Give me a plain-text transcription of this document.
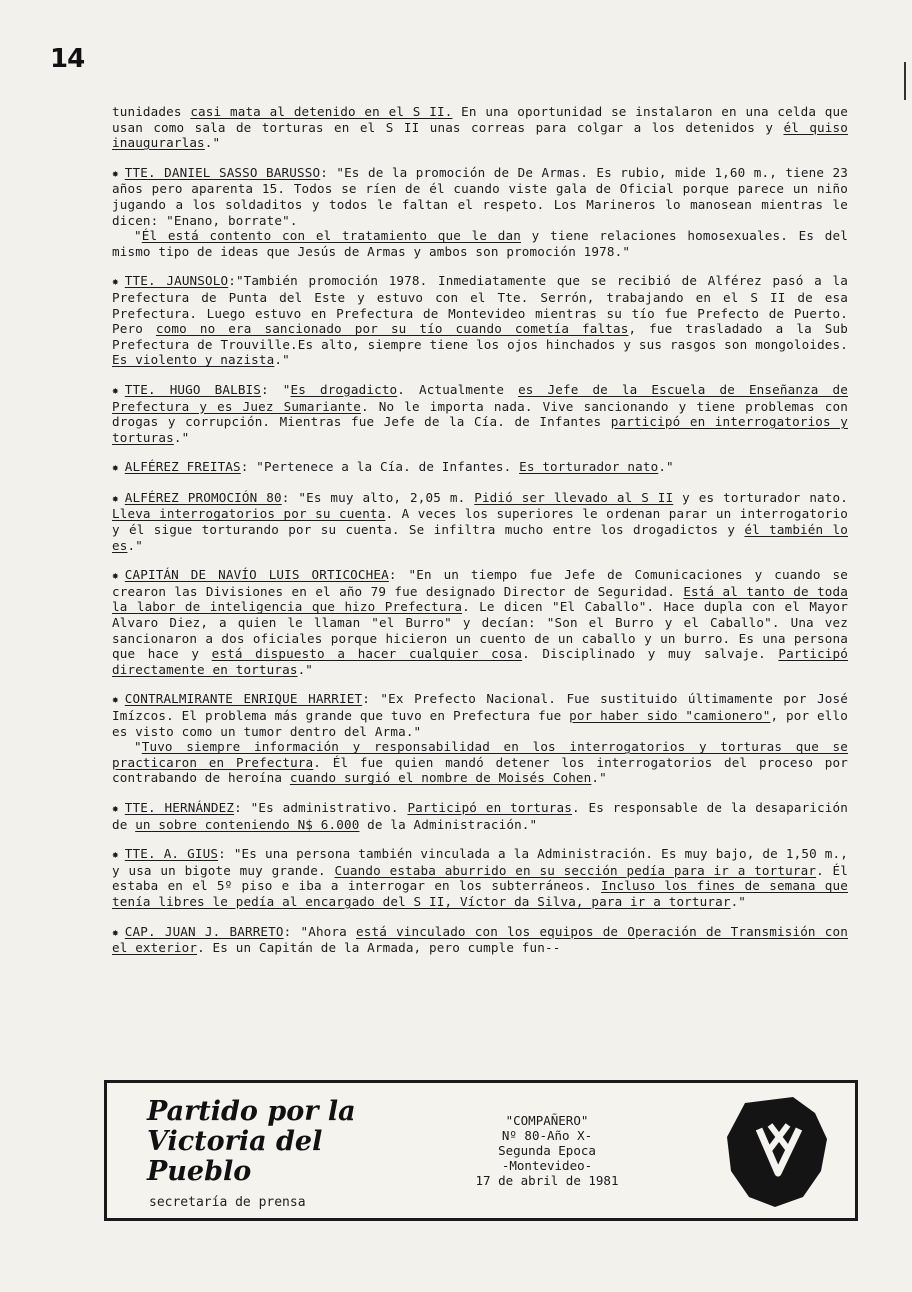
14
tunidades casi mata al detenido en el S II. En una oportunidad se instalaron en una celda que usan como sala de torturas en el S II unas correas para colgar a los detenidos y él quiso inaugurarlas."
✸ TTE. DANIEL SASSO BARUSSO: "Es de la promoción de De Armas. Es rubio, mide 1,60 m., tiene 23 años pero aparenta 15. Todos se ríen de él cuando viste gala de Oficial porque parece un niño jugando a los soldaditos y todos le faltan el respeto. Los Marineros lo manosean mientras le dicen: "Enano, borrate".
"Él está contento con el tratamiento que le dan y tiene relaciones homosexuales. Es del mismo tipo de ideas que Jesús de Armas y ambos son promoción 1978."
✸ TTE. JAUNSOLO:"También promoción 1978. Inmediatamente que se recibió de Alférez pasó a la Prefectura de Punta del Este y estuvo con el Tte. Serrón, trabajando en el S II de esa Prefectura. Luego estuvo en Prefectura de Montevideo mientras su tío fue Prefecto de Puerto. Pero como no era sancionado por su tío cuando cometía faltas, fue trasladado a la Sub Prefectura de Trouville.Es alto, siempre tiene los ojos hinchados y sus rasgos son mongoloides. Es violento y nazista."
✸ TTE. HUGO BALBIS: "Es drogadicto. Actualmente es Jefe de la Escuela de Enseñanza de Prefectura y es Juez Sumariante. No le importa nada. Vive sancionando y tiene problemas con drogas y corrupción. Mientras fue Jefe de la Cía. de Infantes participó en interrogatorios y torturas."
✸ ALFÉREZ FREITAS: "Pertenece a la Cía. de Infantes. Es torturador nato."
✸ ALFÉREZ PROMOCIÓN 80: "Es muy alto, 2,05 m. Pidió ser llevado al S II y es torturador nato. Lleva interrogatorios por su cuenta. A veces los superiores le ordenan parar un interrogatorio y él sigue torturando por su cuenta. Se infiltra mucho entre los drogadictos y él también lo es."
✸ CAPITÁN DE NAVÍO LUIS ORTICOCHEA: "En un tiempo fue Jefe de Comunicaciones y cuando se crearon las Divisiones en el año 79 fue designado Director de Seguridad. Está al tanto de toda la labor de inteligencia que hizo Prefectura. Le dicen "El Caballo". Hace dupla con el Mayor Alvaro Diez, a quien le llaman "el Burro" y decían: "Son el Burro y el Caballo". Una vez sancionaron a dos oficiales porque hicieron un cuento de un caballo y un burro. Es una persona que hace y está dispuesto a hacer cualquier cosa. Disciplinado y muy salvaje. Participó directamente en torturas."
✸ CONTRALMIRANTE ENRIQUE HARRIET: "Ex Prefecto Nacional. Fue sustituido últimamente por José Imízcos. El problema más grande que tuvo en Prefectura fue por haber sido "camionero", por ello es visto como un tumor dentro del Arma."
"Tuvo siempre información y responsabilidad en los interrogatorios y torturas que se practicaron en Prefectura. Él fue quien mandó detener los interrogatorios del proceso por contrabando de heroína cuando surgió el nombre de Moisés Cohen."
✸ TTE. HERNÁNDEZ: "Es administrativo. Participó en torturas. Es responsable de la desaparición de un sobre conteniendo N$ 6.000 de la Administración."
✸ TTE. A. GIUS: "Es una persona también vinculada a la Administración. Es muy bajo, de 1,50 m., y usa un bigote muy grande. Cuando estaba aburrido en su sección pedía para ir a torturar. Él estaba en el 5º piso e iba a interrogar en los subterráneos. Incluso los fines de semana que tenía libres le pedía al encargado del S II, Víctor da Silva, para ir a torturar."
✸ CAP. JUAN J. BARRETO: "Ahora está vinculado con los equipos de Operación de Transmisión con el exterior. Es un Capitán de la Armada, pero cumple fun--
Partido por la
Victoria del
Pueblo
secretaría de prensa
"COMPAÑERO"
Nº 80-Año X-
Segunda Epoca
-Montevideo-
17 de abril de 1981
